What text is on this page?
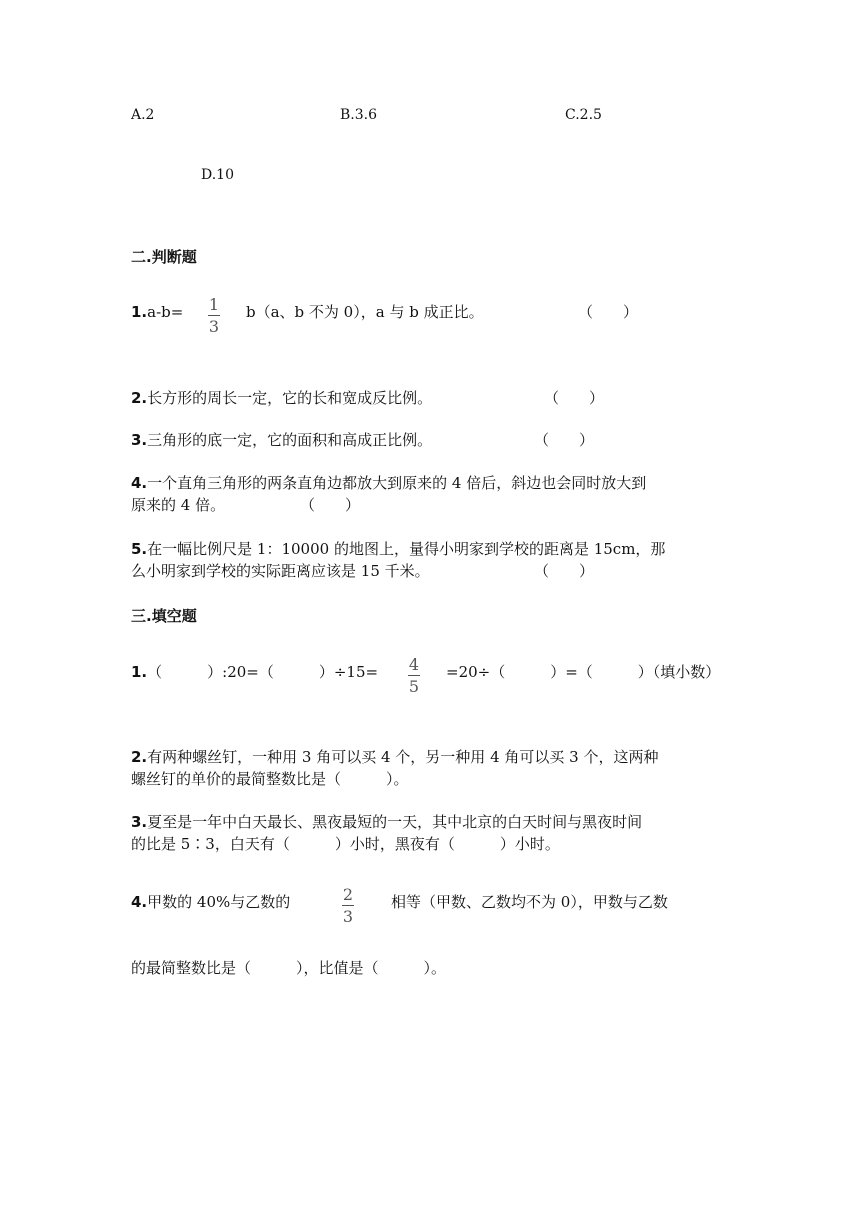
A.2	B.3.6	C.2.5
D.10
二.判断题
1.a-b= 1
3
b（a、b 不为 0），a 与 b 成正比。	（　　）
2.长方形的周长一定，它的长和宽成反比例。	（　　）
3.三角形的底一定，它的面积和高成正比例。	（　　）
4.一个直角三角形的两条直角边都放大到原来的 4 倍后，斜边也会同时放大到
原来的 4 倍。	（　　）
5.在一幅比例尺是 1：10000 的地图上，量得小明家到学校的距离是 15cm，那
么小明家到学校的实际距离应该是 15 千米。	（　　）
三.填空题
1.（　　　）:20=（　　　）÷15= 4
5
=20÷（　　　）=（　　　）（填小数）
2.有两种螺丝钉，一种用 3 角可以买 4 个，另一种用 4 角可以买 3 个，这两种
螺丝钉的单价的最简整数比是（　　　）。
3.夏至是一年中白天最长、黑夜最短的一天，其中北京的白天时间与黑夜时间
的比是 5∶3，白天有（　　　）小时，黑夜有（　　　）小时。
4.甲数的 40%与乙数的	2
3
相等（甲数、乙数均不为 0），甲数与乙数
的最简整数比是（　　　），比值是（　　　）。
